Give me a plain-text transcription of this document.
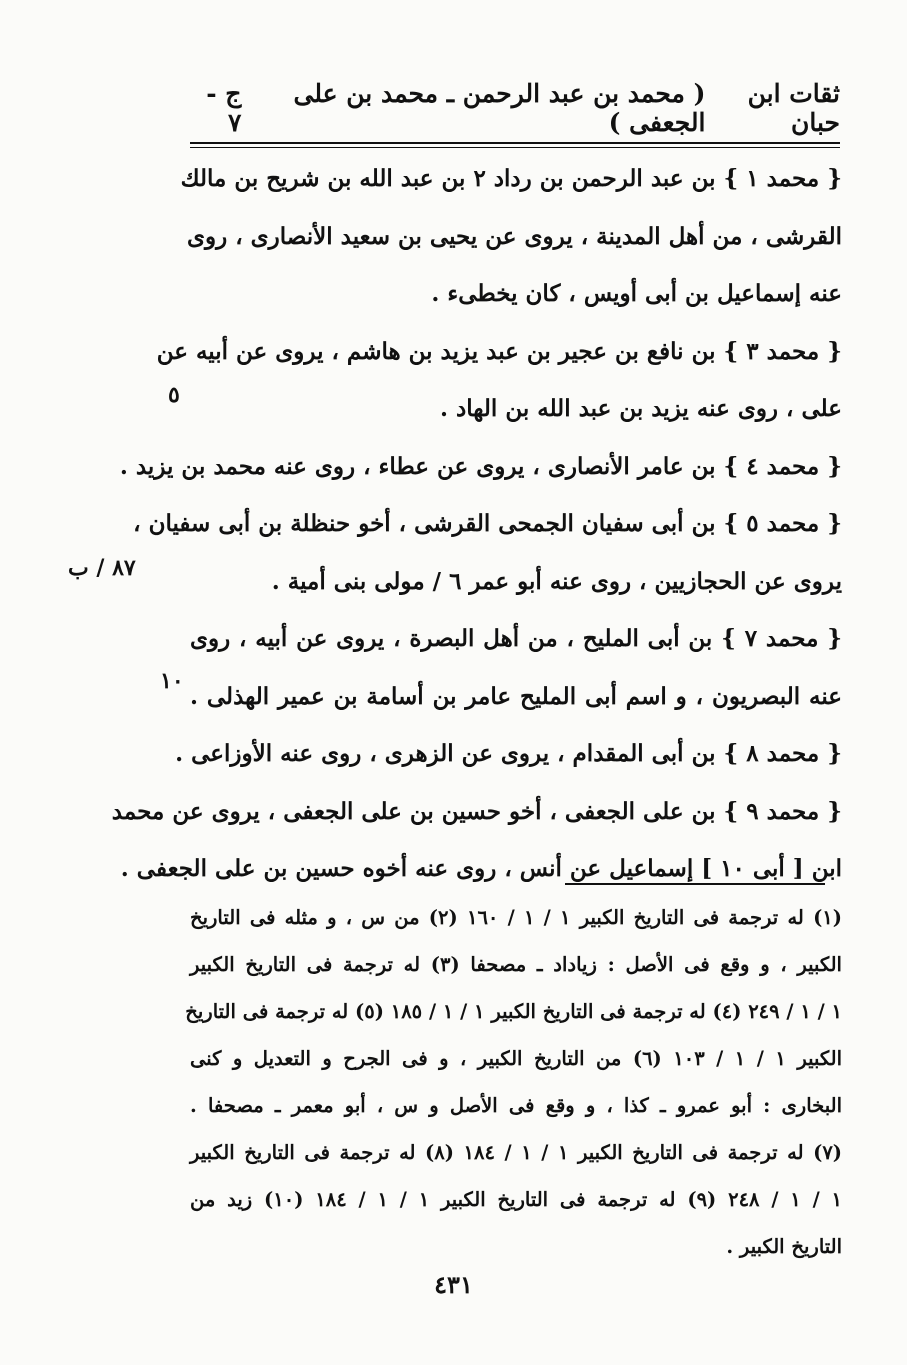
ثقات ابن حبان
( محمد بن عبد الرحمن ـ محمد بن على الجعفى )
ج - ٧
{ محمد ١ } بن عبد الرحمن بن رداد ٢ بن عبد الله بن شريح بن مالك
القرشى ، من أهل المدينة ، يروى عن يحيى بن سعيد الأنصارى ، روى
عنه إسماعيل بن أبى أويس ، كان يخطىء .
{ محمد ٣ } بن نافع بن عجير بن عبد يزيد بن هاشم ، يروى عن أبيه عن
على ، روى عنه يزيد بن عبد الله بن الهاد .
{ محمد ٤ } بن عامر الأنصارى ، يروى عن عطاء ، روى عنه محمد بن يزيد .
{ محمد ٥ } بن أبى سفيان الجمحى القرشى ، أخو حنظلة بن أبى سفيان ،
يروى عن الحجازيين ، روى عنه أبو عمر ٦ / مولى بنى أمية .
{ محمد ٧ } بن أبى المليح ، من أهل البصرة ، يروى عن أبيه ، روى
عنه البصريون ، و اسم أبى المليح عامر بن أسامة بن عمير الهذلى .
{ محمد ٨ } بن أبى المقدام ، يروى عن الزهرى ، روى عنه الأوزاعى .
{ محمد ٩ } بن على الجعفى ، أخو حسين بن على الجعفى ، يروى عن محمد
ابن [ أبى ١٠ ] إسماعيل عن أنس ، روى عنه أخوه حسين بن على الجعفى .
٥
٨٧ / ب
١٠
(١) له ترجمة فى التاريخ الكبير ١ / ١ / ١٦٠ (٢) من س ، و مثله فى التاريخ
الكبير ، و وقع فى الأصل : زياداد ـ مصحفا (٣) له ترجمة فى التاريخ الكبير
١ / ١ / ٢٤٩ (٤) له ترجمة فى التاريخ الكبير ١ / ١ / ١٨٥ (٥) له ترجمة فى التاريخ
الكبير ١ / ١ / ١٠٣ (٦) من التاريخ الكبير ، و فى الجرح و التعديل و كنى
البخارى : أبو عمرو ـ كذا ، و وقع فى الأصل و س ، أبو معمر ـ مصحفا .
(٧) له ترجمة فى التاريخ الكبير ١ / ١ / ١٨٤ (٨) له ترجمة فى التاريخ الكبير
١ / ١ / ٢٤٨ (٩) له ترجمة فى التاريخ الكبير ١ / ١ / ١٨٤ (١٠) زيد من
التاريخ الكبير .
٤٣١
